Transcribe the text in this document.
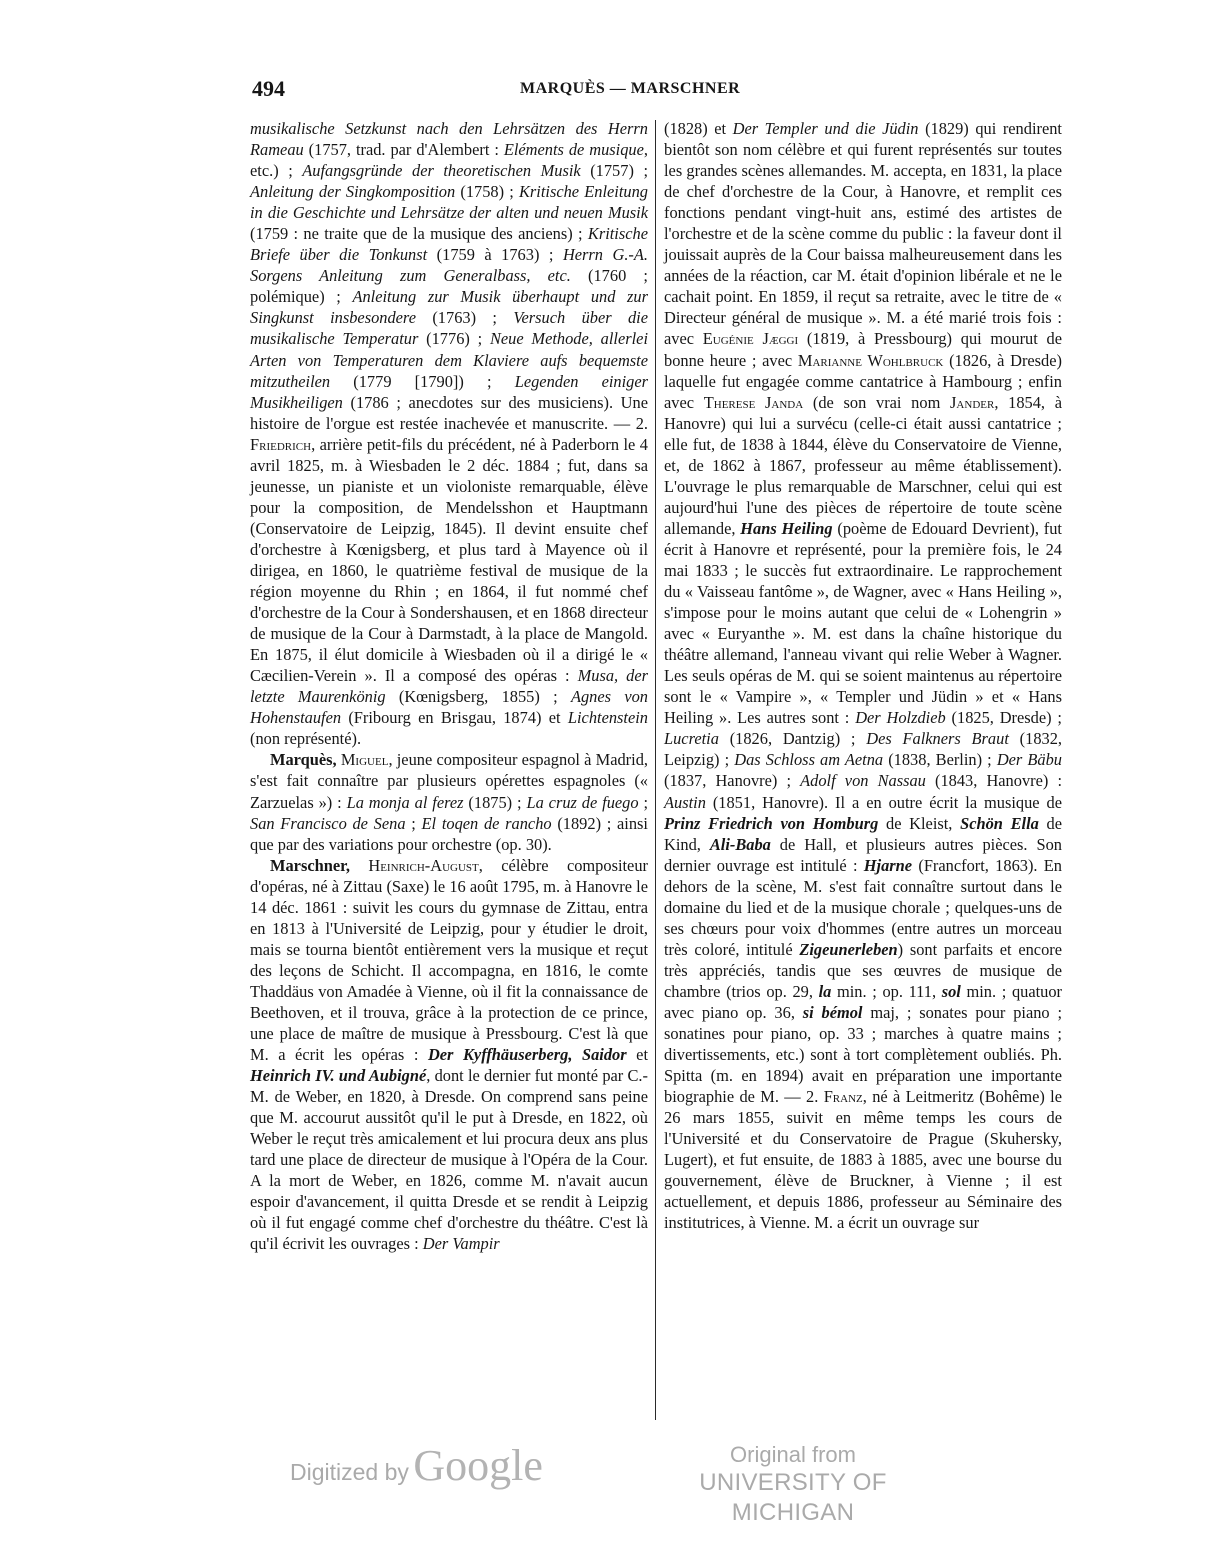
494	MARQUÈS — MARSCHNER

musikalische Setzkunst nach den Lehrsätzen des Herrn Rameau (1757, trad. par d'Alembert : Eléments de musique, etc.) ; Aufangsgründe der theoretischen Musik (1757) ; Anleitung der Singkomposition (1758) ; Kritische Enleitung in die Geschichte und Lehrsätze der alten und neuen Musik (1759 : ne traite que de la musique des anciens) ; Kritische Briefe über die Tonkunst (1759 à 1763) ; Herrn G.-A. Sorgens Anleitung zum Generalbass, etc. (1760 ; polémique) ; Anleitung zur Musik überhaupt und zur Singkunst insbesondere (1763) ; Versuch über die musikalische Temperatur (1776) ; Neue Methode, allerlei Arten von Temperaturen dem Klaviere aufs bequemste mitzutheilen (1779 [1790]) ; Legenden einiger Musikheiligen (1786 ; anecdotes sur des musiciens). Une histoire de l'orgue est restée inachevée et manuscrite. — 2. Friedrich, arrière petit-fils du précédent, né à Paderborn le 4 avril 1825, m. à Wiesbaden le 2 déc. 1884 ; fut, dans sa jeunesse, un pianiste et un violoniste remarquable, élève pour la composition, de Mendelsshon et Hauptmann (Conservatoire de Leipzig, 1845). Il devint ensuite chef d'orchestre à Kœnigsberg, et plus tard à Mayence où il dirigea, en 1860, le quatrième festival de musique de la région moyenne du Rhin ; en 1864, il fut nommé chef d'orchestre de la Cour à Sondershausen, et en 1868 directeur de musique de la Cour à Darmstadt, à la place de Mangold. En 1875, il élut domicile à Wiesbaden où il a dirigé le « Cæcilien-Verein ». Il a composé des opéras : Musa, der letzte Maurenkönig (Kœnigsberg, 1855) ; Agnes von Hohenstaufen (Fribourg en Brisgau, 1874) et Lichtenstein (non représenté).

Marquès, Miguel, jeune compositeur espagnol à Madrid, s'est fait connaître par plusieurs opérettes espagnoles (« Zarzuelas ») : La monja al ferez (1875) ; La cruz de fuego ; San Francisco de Sena ; El toqen de rancho (1892) ; ainsi que par des variations pour orchestre (op. 30).

Marschner, Heinrich-August, célèbre compositeur d'opéras, né à Zittau (Saxe) le 16 août 1795, m. à Hanovre le 14 déc. 1861 : suivit les cours du gymnase de Zittau, entra en 1813 à l'Université de Leipzig, pour y étudier le droit, mais se tourna bientôt entièrement vers la musique et reçut des leçons de Schicht. Il accompagna, en 1816, le comte Thaddäus von Amadée à Vienne, où il fit la connaissance de Beethoven, et il trouva, grâce à la protection de ce prince, une place de maître de musique à Pressbourg. C'est là que M. a écrit les opéras : Der Kyffhäuserberg, Saidor et Heinrich IV. und Aubigné, dont le dernier fut monté par C.-M. de Weber, en 1820, à Dresde. On comprend sans peine que M. accourut aussitôt qu'il le put à Dresde, en 1822, où Weber le reçut très amicalement et lui procura deux ans plus tard une place de directeur de musique à l'Opéra de la Cour. A la mort de Weber, en 1826, comme M. n'avait aucun espoir d'avancement, il quitta Dresde et se rendit à Leipzig où il fut engagé comme chef d'orchestre du théâtre. C'est là qu'il écrivit les ouvrages : Der Vampir

(1828) et Der Templer und die Jüdin (1829) qui rendirent bientôt son nom célèbre et qui furent représentés sur toutes les grandes scènes allemandes. M. accepta, en 1831, la place de chef d'orchestre de la Cour, à Hanovre, et remplit ces fonctions pendant vingt-huit ans, estimé des artistes de l'orchestre et de la scène comme du public : la faveur dont il jouissait auprès de la Cour baissa malheureusement dans les années de la réaction, car M. était d'opinion libérale et ne le cachait point. En 1859, il reçut sa retraite, avec le titre de « Directeur général de musique ». M. a été marié trois fois : avec Eugénie Jæggi (1819, à Pressbourg) qui mourut de bonne heure ; avec Marianne Wohlbruck (1826, à Dresde) laquelle fut engagée comme cantatrice à Hambourg ; enfin avec Therese Janda (de son vrai nom Jander, 1854, à Hanovre) qui lui a survécu (celle-ci était aussi cantatrice ; elle fut, de 1838 à 1844, élève du Conservatoire de Vienne, et, de 1862 à 1867, professeur au même établissement). L'ouvrage le plus remarquable de Marschner, celui qui est aujourd'hui l'une des pièces de répertoire de toute scène allemande, Hans Heiling (poème de Edouard Devrient), fut écrit à Hanovre et représenté, pour la première fois, le 24 mai 1833 ; le succès fut extraordinaire. Le rapprochement du « Vaisseau fantôme », de Wagner, avec « Hans Heiling », s'impose pour le moins autant que celui de « Lohengrin » avec « Euryanthe ». M. est dans la chaîne historique du théâtre allemand, l'anneau vivant qui relie Weber à Wagner. Les seuls opéras de M. qui se soient maintenus au répertoire sont le « Vampire », « Templer und Jüdin » et « Hans Heiling ». Les autres sont : Der Holzdieb (1825, Dresde) ; Lucretia (1826, Dantzig) ; Des Falkners Braut (1832, Leipzig) ; Das Schloss am Aetna (1838, Berlin) ; Der Bäbu (1837, Hanovre) ; Adolf von Nassau (1843, Hanovre) : Austin (1851, Hanovre). Il a en outre écrit la musique de Prinz Friedrich von Homburg de Kleist, Schön Ella de Kind, Ali-Baba de Hall, et plusieurs autres pièces. Son dernier ouvrage est intitulé : Hjarne (Francfort, 1863). En dehors de la scène, M. s'est fait connaître surtout dans le domaine du lied et de la musique chorale ; quelques-uns de ses chœurs pour voix d'hommes (entre autres un morceau très coloré, intitulé Zigeunerleben) sont parfaits et encore très appréciés, tandis que ses œuvres de musique de chambre (trios op. 29, la min. ; op. 111, sol min. ; quatuor avec piano op. 36, si bémol maj, ; sonates pour piano ; sonatines pour piano, op. 33 ; marches à quatre mains ; divertissements, etc.) sont à tort complètement oubliés. Ph. Spitta (m. en 1894) avait en préparation une importante biographie de M. — 2. Franz, né à Leitmeritz (Bohême) le 26 mars 1855, suivit en même temps les cours de l'Université et du Conservatoire de Prague (Skuhersky, Lugert), et fut ensuite, de 1883 à 1885, avec une bourse du gouvernement, élève de Bruckner, à Vienne ; il est actuellement, et depuis 1886, professeur au Séminaire des institutrices, à Vienne. M. a écrit un ouvrage sur

Digitized by Google	Original from
UNIVERSITY OF MICHIGAN
